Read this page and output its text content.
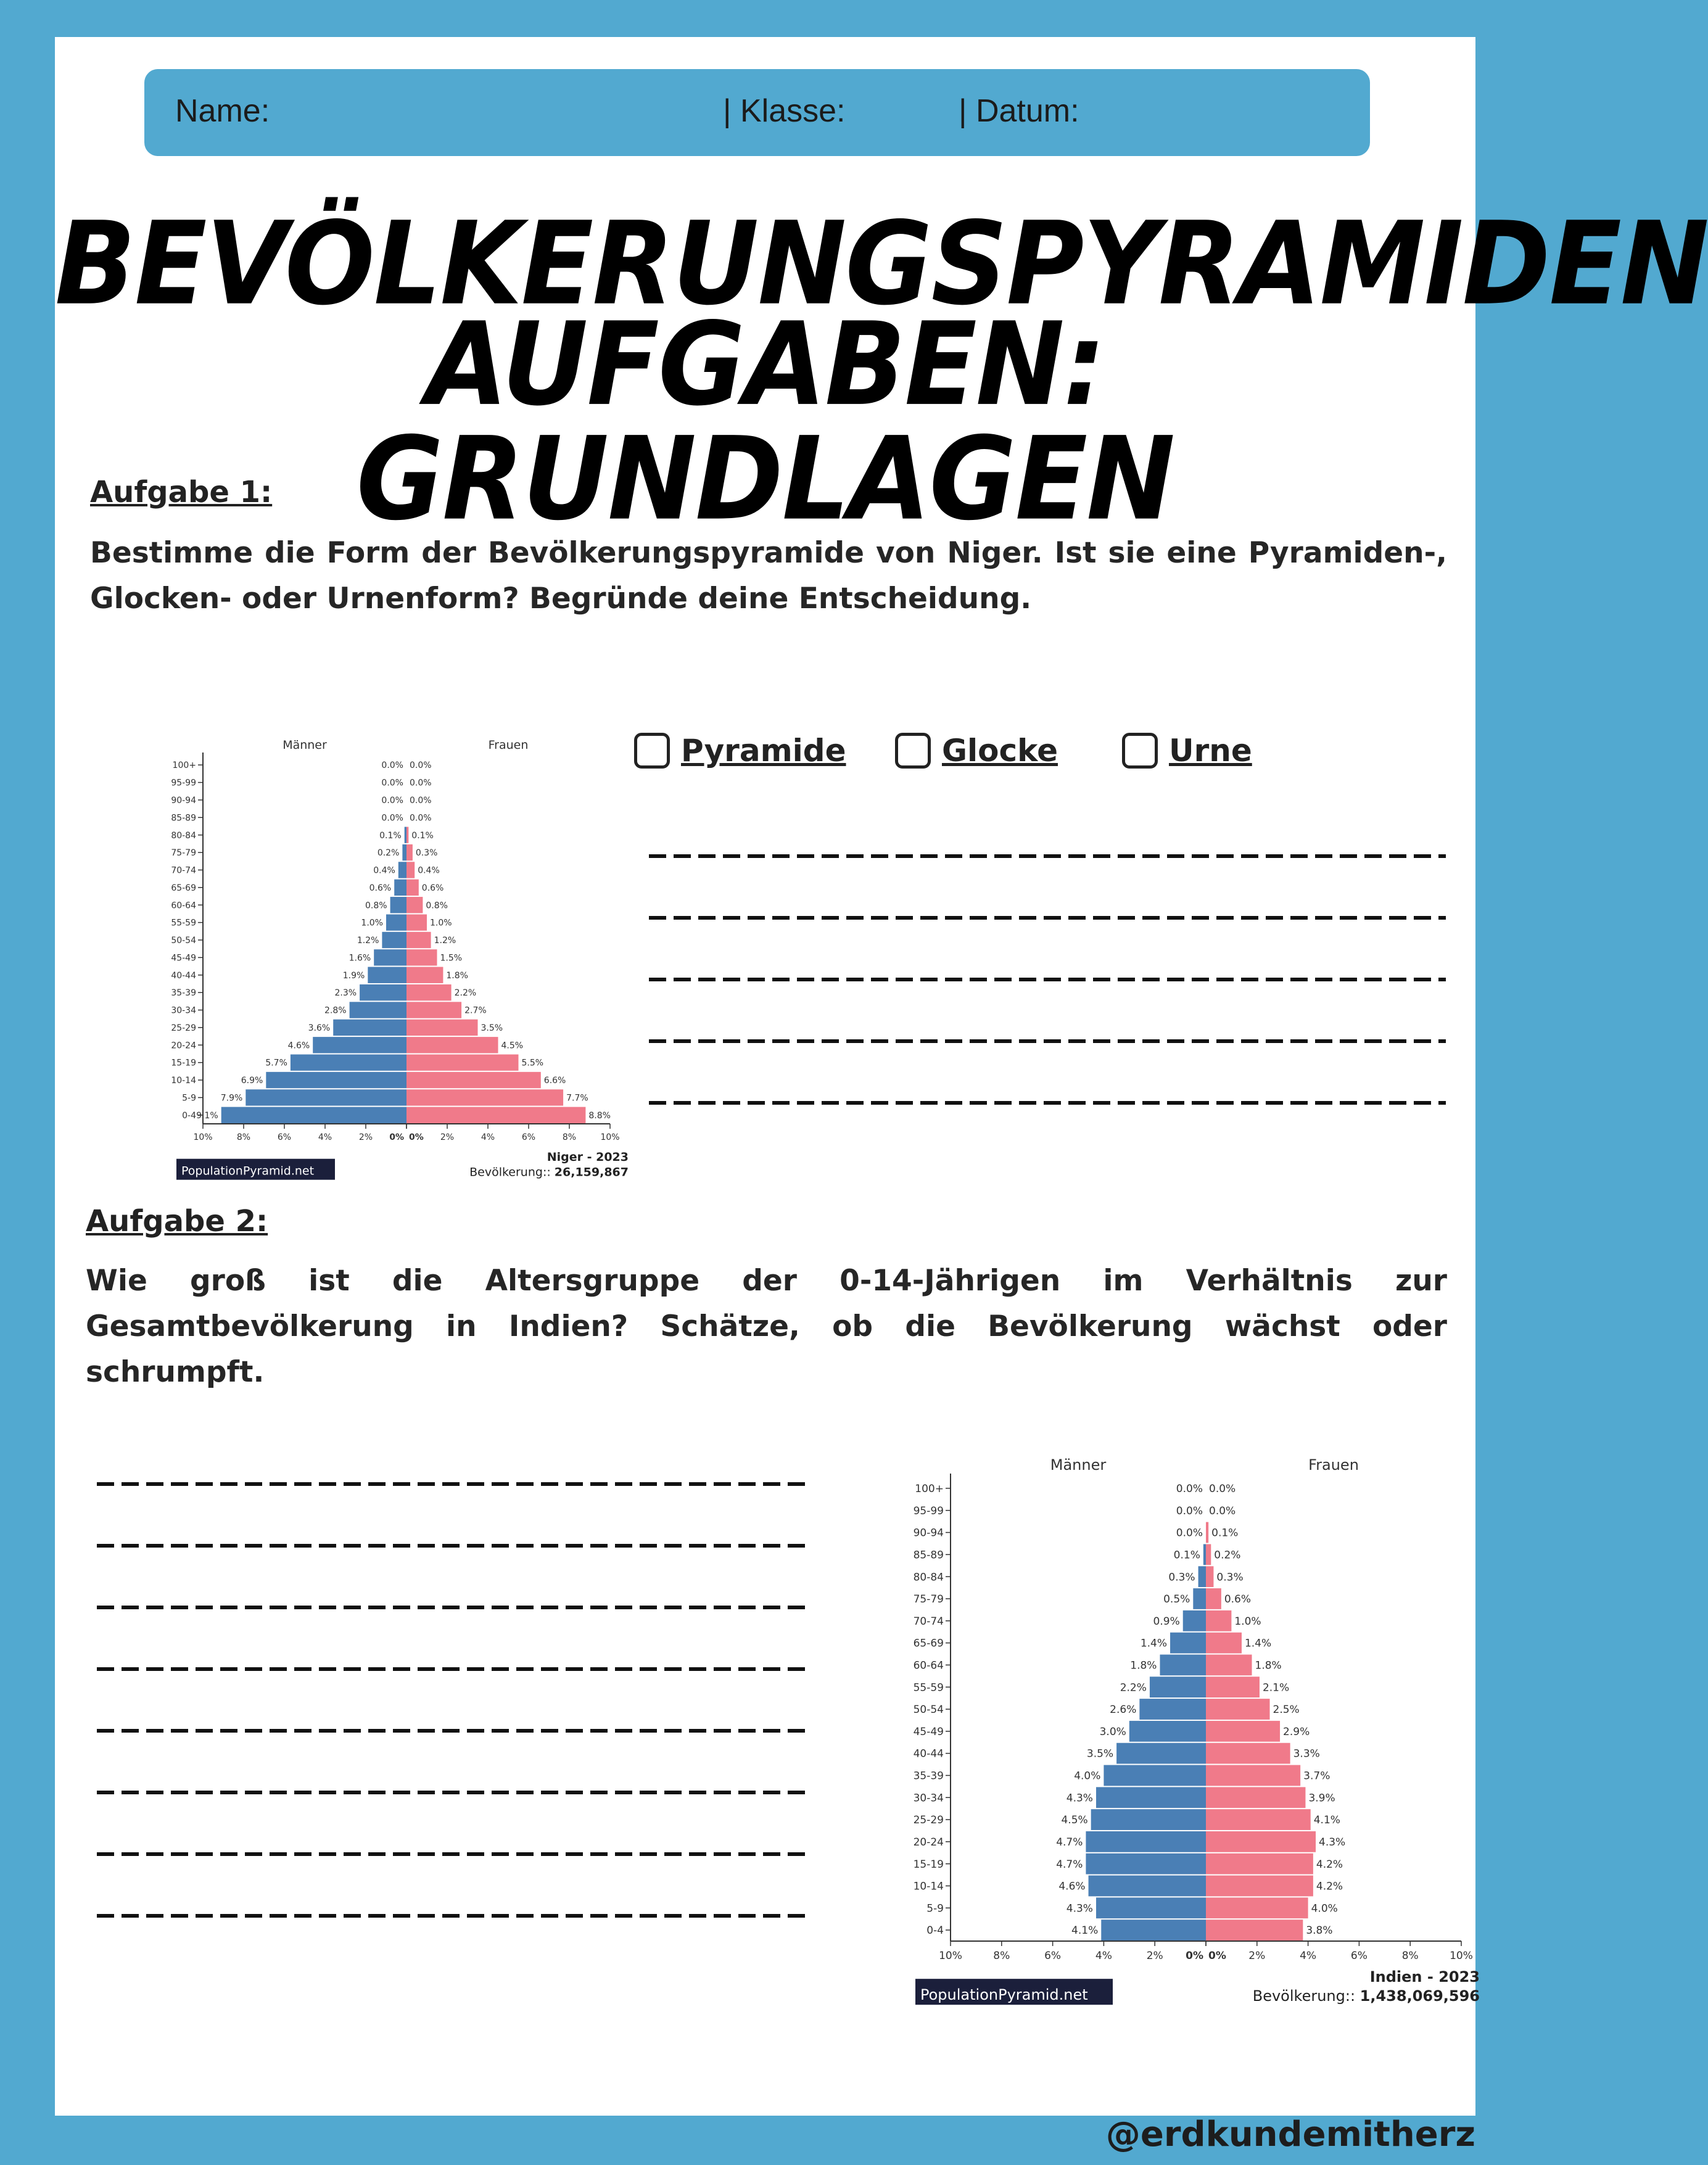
Name:	| Klasse:	| Datum:
BEVÖLKERUNGSPYRAMIDEN
AUFGABEN: GRUNDLAGEN
Aufgabe 1:
Bestimme die Form der Bevölkerungspyramide von Niger. Ist sie eine Pyramiden-, Glocken- oder Urnenform? Begründe deine Entscheidung.
Männer	Frauen
0-4 9.1%	8.8%
5-9	7.9%	7.7%
10-14	6.9%	6.6%
15-19	5.7%	5.5%
20-24	4.6%	4.5%
25-29	3.6%	3.5%
30-34	2.8%	2.7%
35-39	2.3%	2.2%
40-44	1.9%	1.8%
45-49	1.6%	1.5%
50-54	1.2%	1.2%
55-59	1.0%	1.0%
60-64	0.8%	0.8%
65-69	0.6%	0.6%
70-74	0.4%	0.4%
75-79	0.2% 0.3%
80-84	0.1% 0.1%
85-89	0.0% 0.0%
90-94	0.0% 0.0%
95-99	0.0% 0.0%
100+	0.0% 0.0%
10%	8%	6%	4%	2% 0% 0% 2%	4%	6%	8%	10%
Niger - 2023
Bevölkerung:: 26,159,867
PopulationPyramid.net
Pyramide	Glocke	Urne
Aufgabe 2:
Wie groß ist die Altersgruppe der 0-14-Jährigen im Verhältnis zur Gesamtbevölkerung in Indien? Schätze, ob die Bevölkerung wächst oder schrumpft.
Männer	Frauen
0-4	4.1%	3.8%
5-9	4.3%	4.0%
10-14	4.6%	4.2%
15-19	4.7%	4.2%
20-24	4.7%	4.3%
25-29	4.5%	4.1%
30-34	4.3%	3.9%
35-39	4.0%	3.7%
40-44	3.5%	3.3%
45-49	3.0%	2.9%
50-54	2.6%	2.5%
55-59	2.2%	2.1%
60-64	1.8%	1.8%
65-69	1.4%	1.4%
70-74	0.9%	1.0%
75-79	0.5%	0.6%
80-84	0.3% 0.3%
85-89	0.1% 0.2%
90-94	0.0% 0.1%
95-99	0.0% 0.0%
100+	0.0% 0.0%
10%	8%	6%	4%	2% 0% 0% 2%	4%	6%	8%	10%
Indien - 2023
Bevölkerung:: 1,438,069,596
PopulationPyramid.net
@erdkundemitherz
